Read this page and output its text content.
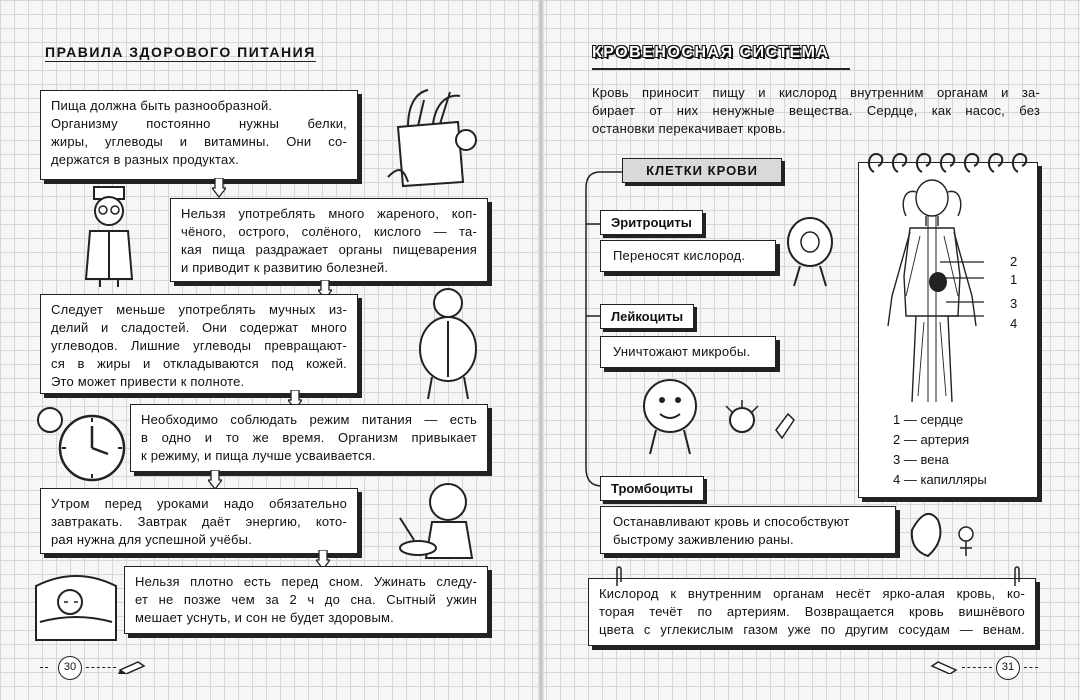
ПРАВИЛА ЗДОРОВОГО ПИТАНИЯ

Пища должна быть разнообразной.

Организму постоянно нужны белки,

жиры, углеводы и витамины. Они со-

держатся в разных продуктах.

Нельзя употреблять много жареного, коп-

чёного, острого, солёного, кислого — та-

кая пища раздражает органы пищеварения

и приводит к развитию болезней.

Следует меньше употреблять мучных из-

делий и сладостей. Они содержат много

углеводов. Лишние углеводы превращают-

ся в жиры и откладываются под кожей.

Это может привести к полноте.

Необходимо соблюдать режим питания — есть

в одно и то же время. Организм привыкает

к режиму, и пища лучше усваивается.

Утром перед уроками надо обязательно

завтракать. Завтрак даёт энергию, кото-

рая нужна для успешной учёбы.

Нельзя плотно есть перед сном. Ужинать следу-

ет не позже чем за 2 ч до сна. Сытный ужин

мешает уснуть, и сон не будет здоровым.

30
КРОВЕНОСНАЯ СИСТЕМА
Кровь приносит пищу и кислород внутренним органам и за-
бирает от них ненужные вещества. Сердце, как насос, без
остановки перекачивает кровь.
КЛЕТКИ КРОВИ
Эритроциты

Переносят кислород.

Лейкоциты

Уничтожают микробы.

Тромбоциты

Останавливают кровь и способствуют

быстрому заживлению раны.

2
1
3
4
1 — сердце
2 — артерия
3 — вена
4 — капилляры

Кислород к внутренним органам несёт ярко-алая кровь, ко-

торая течёт по артериям. Возвращается кровь вишнёвого

цвета с углекислым газом уже по другим сосудам — венам.

31
